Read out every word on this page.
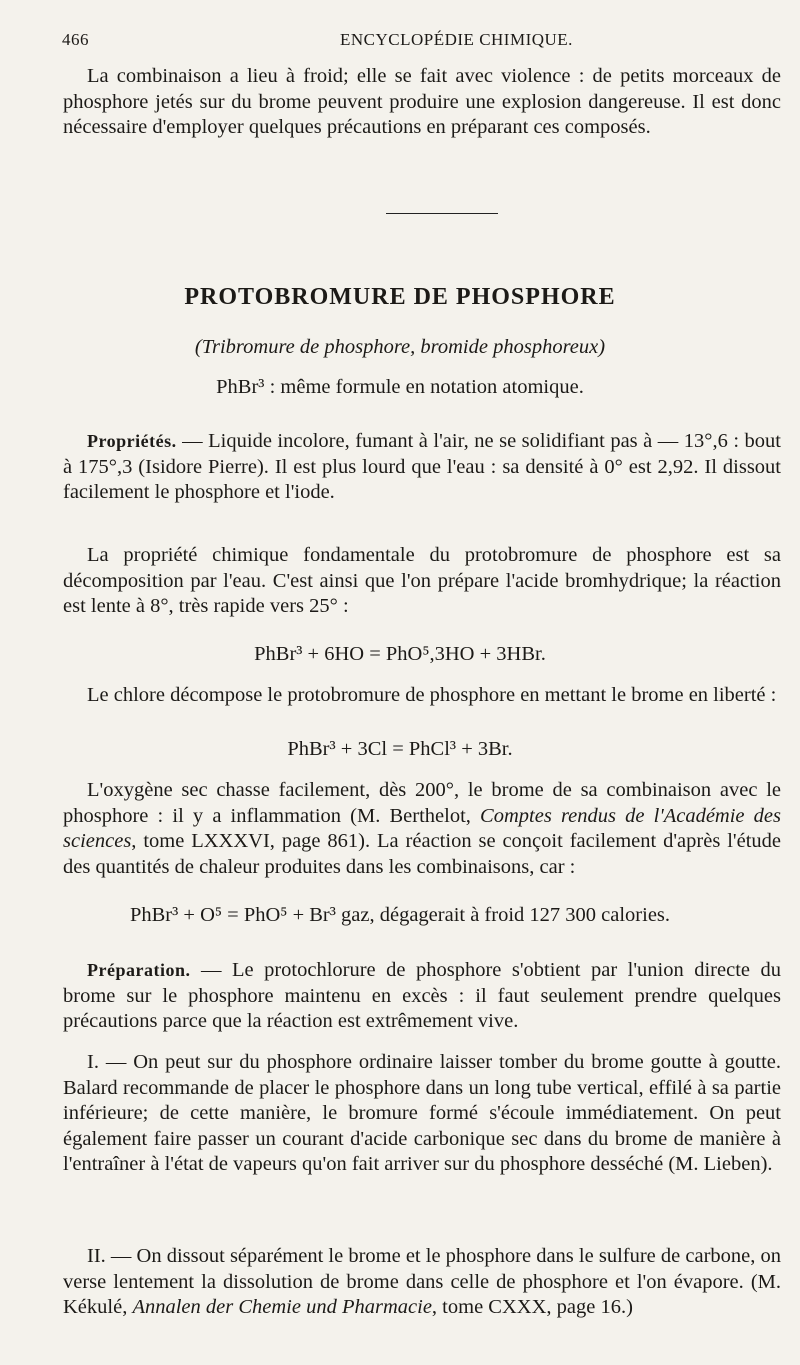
466	ENCYCLOPÉDIE CHIMIQUE.
La combinaison a lieu à froid; elle se fait avec violence : de petits morceaux de phosphore jetés sur du brome peuvent produire une explosion dangereuse. Il est donc nécessaire d'employer quelques précautions en préparant ces composés.
PROTOBROMURE DE PHOSPHORE
(Tribromure de phosphore, bromide phosphoreux)
PhBr³ : même formule en notation atomique.
Propriétés. — Liquide incolore, fumant à l'air, ne se solidifiant pas à — 13°,6 : bout à 175°,3 (Isidore Pierre). Il est plus lourd que l'eau : sa densité à 0° est 2,92. Il dissout facilement le phosphore et l'iode.
La propriété chimique fondamentale du protobromure de phosphore est sa décomposition par l'eau. C'est ainsi que l'on prépare l'acide bromhydrique; la réaction est lente à 8°, très rapide vers 25° :
PhBr³ + 6HO = PhO⁵,3HO + 3HBr.
Le chlore décompose le protobromure de phosphore en mettant le brome en liberté :
PhBr³ + 3Cl = PhCl³ + 3Br.
L'oxygène sec chasse facilement, dès 200°, le brome de sa combinaison avec le phosphore : il y a inflammation (M. Berthelot, Comptes rendus de l'Académie des sciences, tome LXXXVI, page 861). La réaction se conçoit facilement d'après l'étude des quantités de chaleur produites dans les combinaisons, car :
PhBr³ + O⁵ = PhO⁵ + Br³ gaz, dégagerait à froid 127 300 calories.
Préparation. — Le protochlorure de phosphore s'obtient par l'union directe du brome sur le phosphore maintenu en excès : il faut seulement prendre quelques précautions parce que la réaction est extrêmement vive.
I. — On peut sur du phosphore ordinaire laisser tomber du brome goutte à goutte. Balard recommande de placer le phosphore dans un long tube vertical, effilé à sa partie inférieure; de cette manière, le bromure formé s'écoule immédiatement. On peut également faire passer un courant d'acide carbonique sec dans du brome de manière à l'entraîner à l'état de vapeurs qu'on fait arriver sur du phosphore desséché (M. Lieben).
II. — On dissout séparément le brome et le phosphore dans le sulfure de carbone, on verse lentement la dissolution de brome dans celle de phosphore et l'on évapore. (M. Kékulé, Annalen der Chemie und Pharmacie, tome CXXX, page 16.)
